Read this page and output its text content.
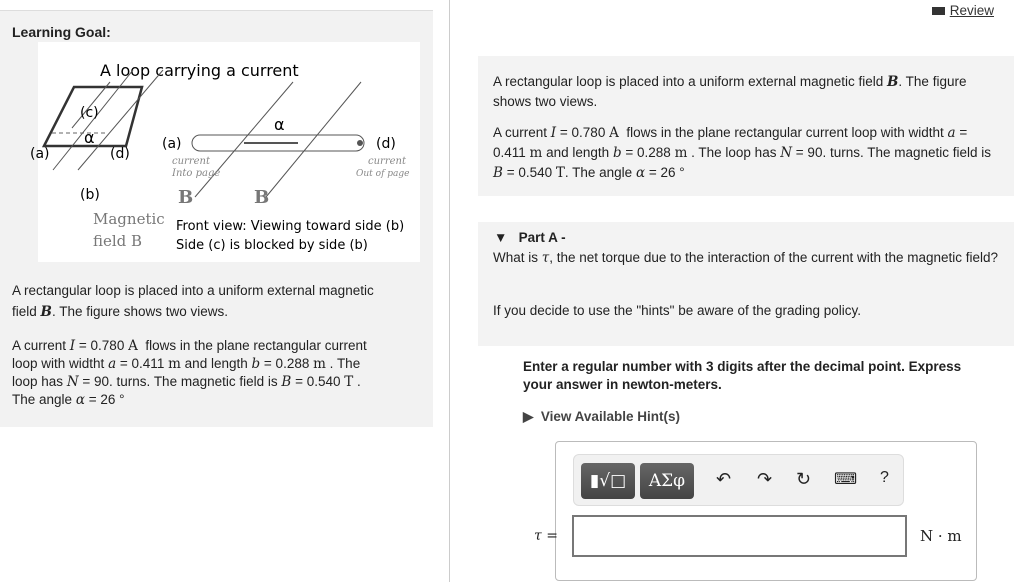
Learning Goal:
A loop carrying a current
(a)	(d)
(c)
(b)
α	(a)	(d)
α
current
Into page
current
Out of page
B	B
Magnetic
field B
Front view: Viewing toward side (b)
Side (c) is blocked by side (b)
A rectangular loop is placed into a uniform external magnetic
field B. The figure shows two views.
A current I = 0.780 A flows in the plane rectangular current
loop with widtht a = 0.411 m and length b = 0.288 m . The
loop has N = 90. turns. The magnetic field is B = 0.540 T .
The angle α = 26 °
Review
A rectangular loop is placed into a uniform external magnetic field B. The figure shows two views.
A current I = 0.780 A flows in the plane rectangular current loop with widtht a = 0.411 m and length b = 0.288 m . The loop has N = 90. turns. The magnetic field is B = 0.540 T. The angle α = 26 °
▼ Part A -
What is τ, the net torque due to the interaction of the current with the magnetic field?
If you decide to use the "hints" be aware of the grading policy.
Enter a regular number with 3 digits after the decimal point. Express your answer in newton-meters.
▶ View Available Hint(s)
▮√□	ΑΣφ	↶ ↷ ↻ ⌨ ?
τ =	N · m
